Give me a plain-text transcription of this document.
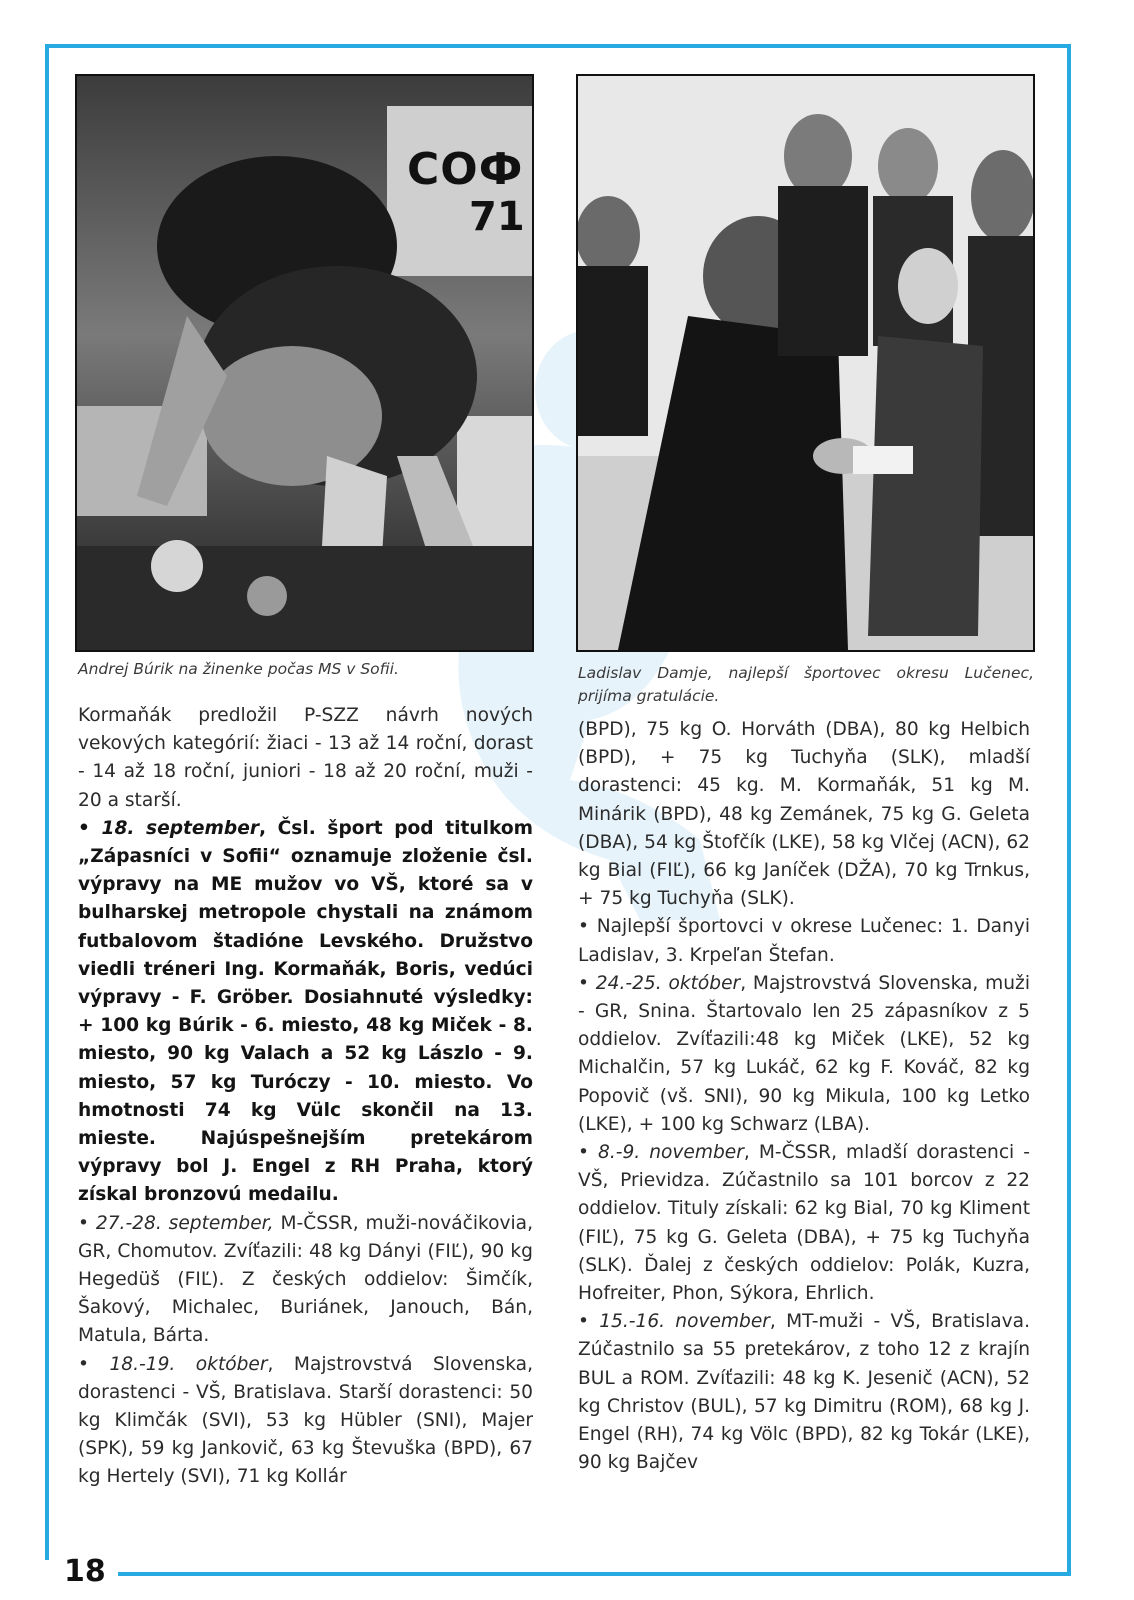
18
СОФ
71
Andrej Búrik na žinenke počas MS v Sofii.	Ladislav Damje, najlepší športovec okresu Lučenec, prijíma gratulácie.

Kormaňák predložil P-SZZ návrh nových vekových kategórií: žiaci - 13 až 14 roční, dorast - 14 až 18 roční, juniori - 18 až 20 roční, muži - 20 a starší.

• 18. september, Čsl. šport pod titulkom „Zápasníci v Sofii“ oznamuje zloženie čsl. výpravy na ME mužov vo VŠ, ktoré sa v bulharskej metropole chystali na známom futbalovom štadióne Levského. Družstvo viedli tréneri Ing. Kormaňák, Boris, vedúci výpravy - F. Gröber. Dosiahnuté výsledky: + 100 kg Búrik - 6. miesto, 48 kg Miček - 8. miesto, 90 kg Valach a 52 kg Lászlo - 9. miesto, 57 kg Turóczy - 10. miesto. Vo hmotnosti 74 kg Vülc skončil na 13. mieste. Najúspešnejším pretekárom výpravy bol J. Engel z RH Praha, ktorý získal bronzovú medailu.

• 27.-28. september, M-ČSSR, muži-nováčikovia, GR, Chomutov. Zvíťazili: 48 kg Dányi (FIĽ), 90 kg Hegedüš (FIĽ). Z českých oddielov: Šimčík, Šakový, Michalec, Buriánek, Janouch, Bán, Matula, Bárta.

• 18.-19. október, Majstrovstvá Slovenska, dorastenci - VŠ, Bratislava. Starší dorastenci: 50 kg Klimčák (SVI), 53 kg Hübler (SNI), Majer (SPK), 59 kg Jankovič, 63 kg Števuška (BPD), 67 kg Hertely (SVI), 71 kg Kollár

(BPD), 75 kg O. Horváth (DBA), 80 kg Helbich (BPD), + 75 kg Tuchyňa (SLK), mladší dorastenci: 45 kg. M. Kormaňák, 51 kg M. Minárik (BPD), 48 kg Zemánek, 75 kg G. Geleta (DBA), 54 kg Štofčík (LKE), 58 kg Vlčej (ACN), 62 kg Bial (FIĽ), 66 kg Janíček (DŽA), 70 kg Trnkus, + 75 kg Tuchyňa (SLK).

• Najlepší športovci v okrese Lučenec: 1. Danyi Ladislav, 3. Krpeľan Štefan.

• 24.-25. október, Majstrovstvá Slovenska, muži - GR, Snina. Štartovalo len 25 zápasníkov z 5 oddielov. Zvíťazili:48 kg Miček (LKE), 52 kg Michalčin, 57 kg Lukáč, 62 kg F. Kováč, 82 kg Popovič (vš. SNI), 90 kg Mikula, 100 kg Letko (LKE), + 100 kg Schwarz (LBA).

• 8.-9. november, M-ČSSR, mladší dorastenci - VŠ, Prievidza. Zúčastnilo sa 101 borcov z 22 oddielov. Tituly získali: 62 kg Bial, 70 kg Kliment (FIĽ), 75 kg G. Geleta (DBA), + 75 kg Tuchyňa (SLK). Ďalej z českých oddielov: Polák, Kuzra, Hofreiter, Phon, Sýkora, Ehrlich.

• 15.-16. november, MT-muži - VŠ, Bratislava. Zúčastnilo sa 55 pretekárov, z toho 12 z krajín BUL a ROM. Zvíťazili: 48 kg K. Jesenič (ACN), 52 kg Christov (BUL), 57 kg Dimitru (ROM), 68 kg J. Engel (RH), 74 kg Völc (BPD), 82 kg Tokár (LKE), 90 kg Bajčev
